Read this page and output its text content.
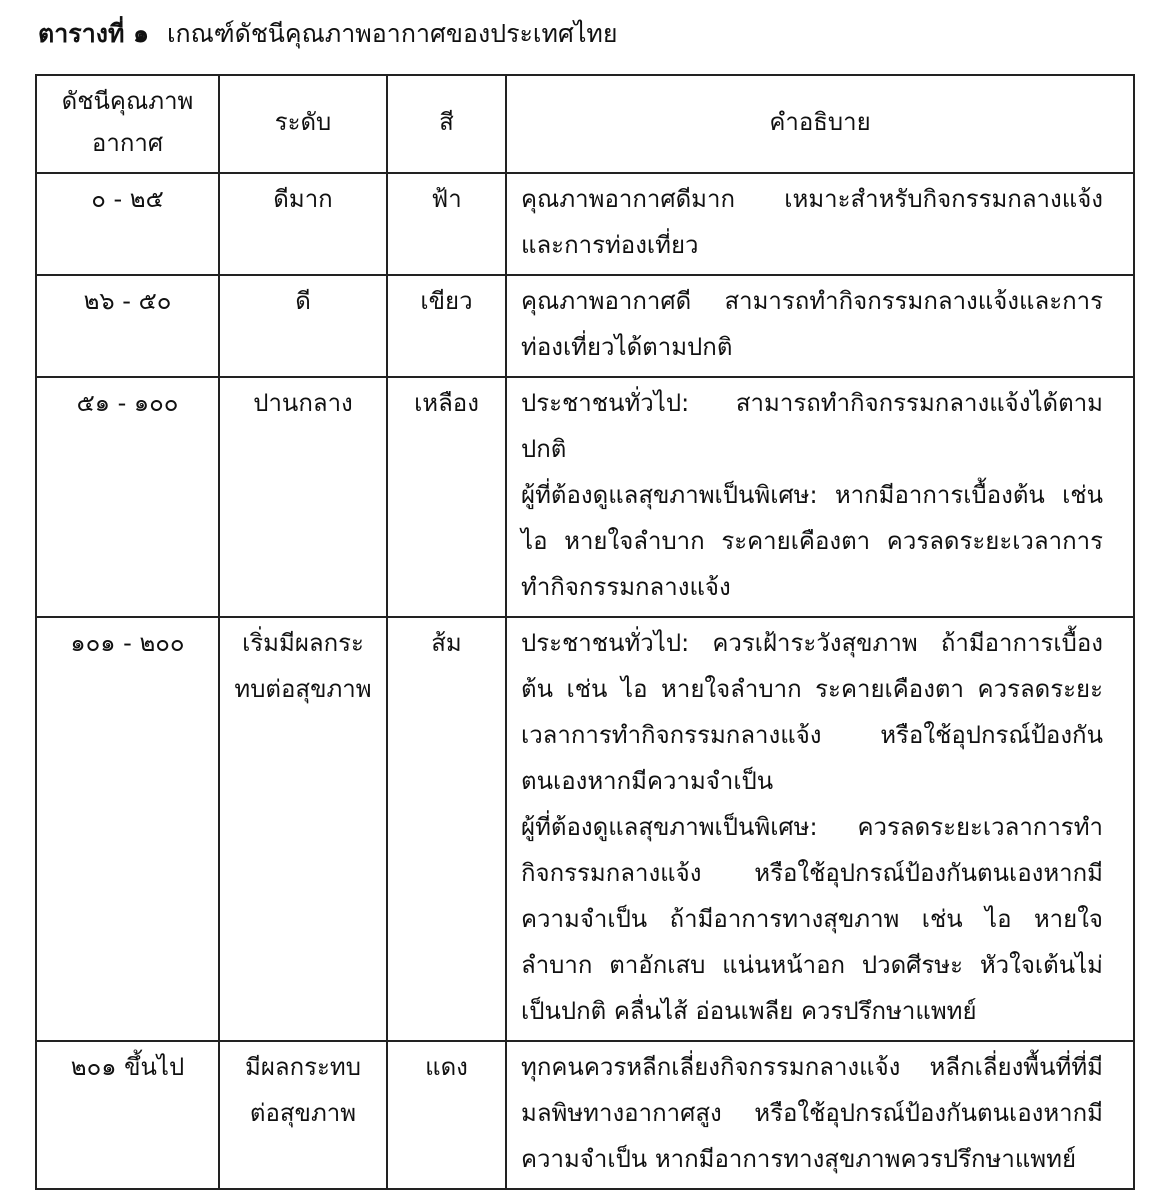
ตารางที่ ๑ เกณฑ์ดัชนีคุณภาพอากาศของประเทศไทย
ดัชนีคุณภาพอากาศ	ระดับ	สี	คำอธิบาย
๐ - ๒๕	ดีมาก	ฟ้า	คุณภาพอากาศดีมาก เหมาะสำหรับกิจกรรมกลางแจ้งและการท่องเที่ยว

๒๖ - ๕๐	ดี	เขียว	คุณภาพอากาศดี สามารถทำกิจกรรมกลางแจ้งและการท่องเที่ยวได้ตามปกติ

๕๑ - ๑๐๐	ปานกลาง	เหลือง	ประชาชนทั่วไป: สามารถทำกิจกรรมกลางแจ้งได้ตามปกติ
ผู้ที่ต้องดูแลสุขภาพเป็นพิเศษ: หากมีอาการเบื้องต้น เช่น ไอ หายใจลำบาก ระคายเคืองตา ควรลดระยะเวลาการทำกิจกรรมกลางแจ้ง

๑๐๑ - ๒๐๐	เริ่มมีผลกระทบต่อสุขภาพ	ส้ม	ประชาชนทั่วไป: ควรเฝ้าระวังสุขภาพ ถ้ามีอาการเบื้องต้น เช่น ไอ หายใจลำบาก ระคายเคืองตา ควรลดระยะเวลาการทำกิจกรรมกลางแจ้ง หรือใช้อุปกรณ์ป้องกันตนเองหากมีความจำเป็น
ผู้ที่ต้องดูแลสุขภาพเป็นพิเศษ: ควรลดระยะเวลาการทำกิจกรรมกลางแจ้ง หรือใช้อุปกรณ์ป้องกันตนเองหากมีความจำเป็น ถ้ามีอาการทางสุขภาพ เช่น ไอ หายใจลำบาก ตาอักเสบ แน่นหน้าอก ปวดศีรษะ หัวใจเต้นไม่เป็นปกติ คลื่นไส้ อ่อนเพลีย ควรปรึกษาแพทย์

๒๐๑ ขึ้นไป	มีผลกระทบต่อสุขภาพ	แดง	ทุกคนควรหลีกเลี่ยงกิจกรรมกลางแจ้ง หลีกเลี่ยงพื้นที่ที่มีมลพิษทางอากาศสูง หรือใช้อุปกรณ์ป้องกันตนเองหากมีความจำเป็น หากมีอาการทางสุขภาพควรปรึกษาแพทย์
